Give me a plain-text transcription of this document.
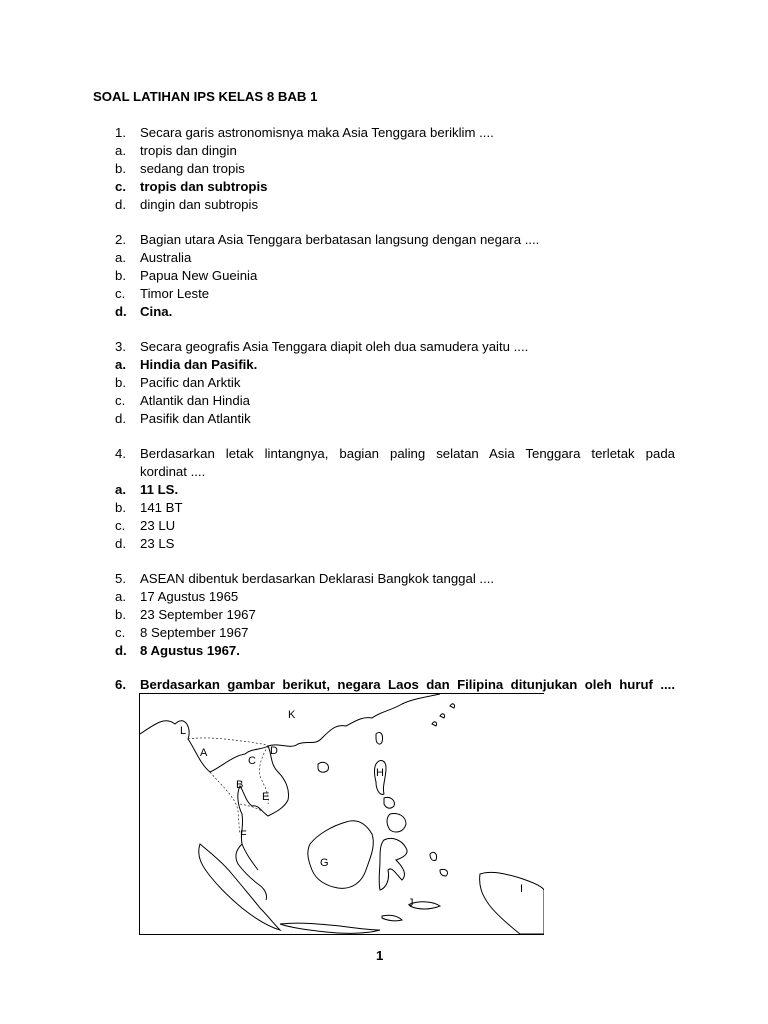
SOAL LATIHAN IPS KELAS 8 BAB 1
1.	Secara garis astronomisnya maka Asia Tenggara beriklim ....
a.	tropis dan dingin
b.	sedang dan tropis
c.	tropis dan subtropis
d.	dingin dan subtropis
2.	Bagian utara Asia Tenggara berbatasan langsung dengan negara ....
a.	Australia
b.	Papua New Gueinia
c.	Timor Leste
d.	Cina.
3.	Secara geografis Asia Tenggara diapit oleh dua samudera yaitu ....
a.	Hindia dan Pasifik.
b.	Pacific dan Arktik
c.	Atlantik dan Hindia
d.	Pasifik dan Atlantik
4.	Berdasarkan letak lintangnya, bagian paling selatan Asia Tenggara terletak pada
kordinat ....
a.	11 LS.
b.	141 BT
c.	23 LU
d.	23 LS
5.	ASEAN dibentuk berdasarkan Deklarasi Bangkok tanggal ....
a.	17 Agustus 1965
b.	23 September 1967
c.	8 September 1967
d.	8 Agustus 1967.
6.	Berdasarkan gambar berikut, negara Laos dan Filipina ditunjukan oleh huruf ....
K
L
A	D
C
B
E
H
F
G
I
J
1
